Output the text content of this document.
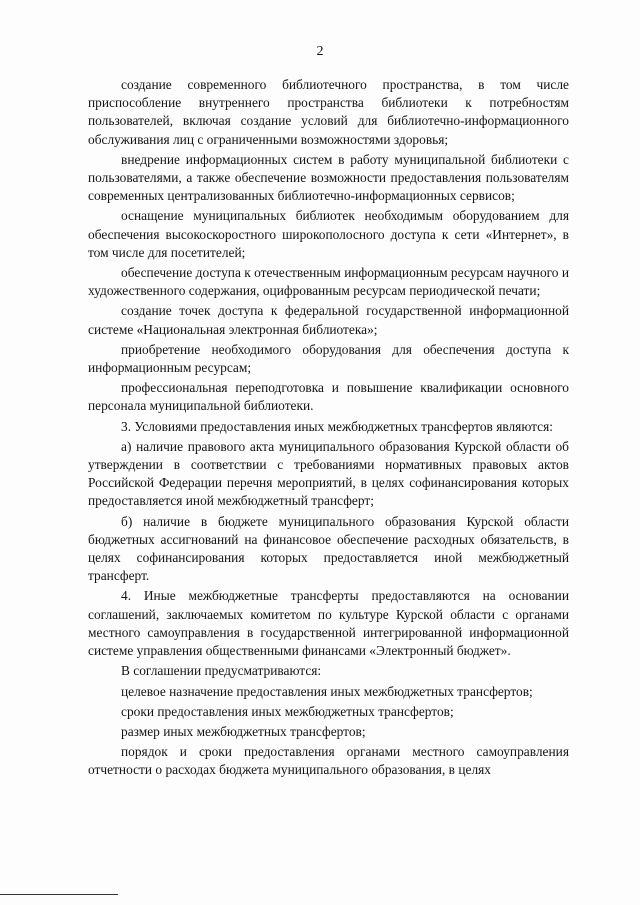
2

создание современного библиотечного пространства, в том числе приспособление внутреннего пространства библиотеки к потребностям пользователей, включая создание условий для библиотечно-информационного обслуживания лиц с ограниченными возможностями здоровья;

внедрение информационных систем в работу муниципальной библиотеки с пользователями, а также обеспечение возможности предоставления пользователям современных централизованных библиотечно-информационных сервисов;

оснащение муниципальных библиотек необходимым оборудованием для обеспечения высокоскоростного широкополосного доступа к сети «Интернет», в том числе для посетителей;

обеспечение доступа к отечественным информационным ресурсам научного и художественного содержания, оцифрованным ресурсам периодической печати;

создание точек доступа к федеральной государственной информационной системе «Национальная электронная библиотека»;

приобретение необходимого оборудования для обеспечения доступа к информационным ресурсам;

профессиональная переподготовка и повышение квалификации основного персонала муниципальной библиотеки.

3. Условиями предоставления иных межбюджетных трансфертов являются:

а) наличие правового акта муниципального образования Курской области об утверждении в соответствии с требованиями нормативных правовых актов Российской Федерации перечня мероприятий, в целях софинансирования которых предоставляется иной межбюджетный трансферт;

б) наличие в бюджете муниципального образования Курской области бюджетных ассигнований на финансовое обеспечение расходных обязательств, в целях софинансирования которых предоставляется иной межбюджетный трансферт.

4. Иные межбюджетные трансферты предоставляются на основании соглашений, заключаемых комитетом по культуре Курской области с органами местного самоуправления в государственной интегрированной информационной системе управления общественными финансами «Электронный бюджет».

В соглашении предусматриваются:

целевое назначение предоставления иных межбюджетных трансфертов;

сроки предоставления иных межбюджетных трансфертов;

размер иных межбюджетных трансфертов;

порядок и сроки предоставления органами местного самоуправления отчетности о расходах бюджета муниципального образования, в целях
